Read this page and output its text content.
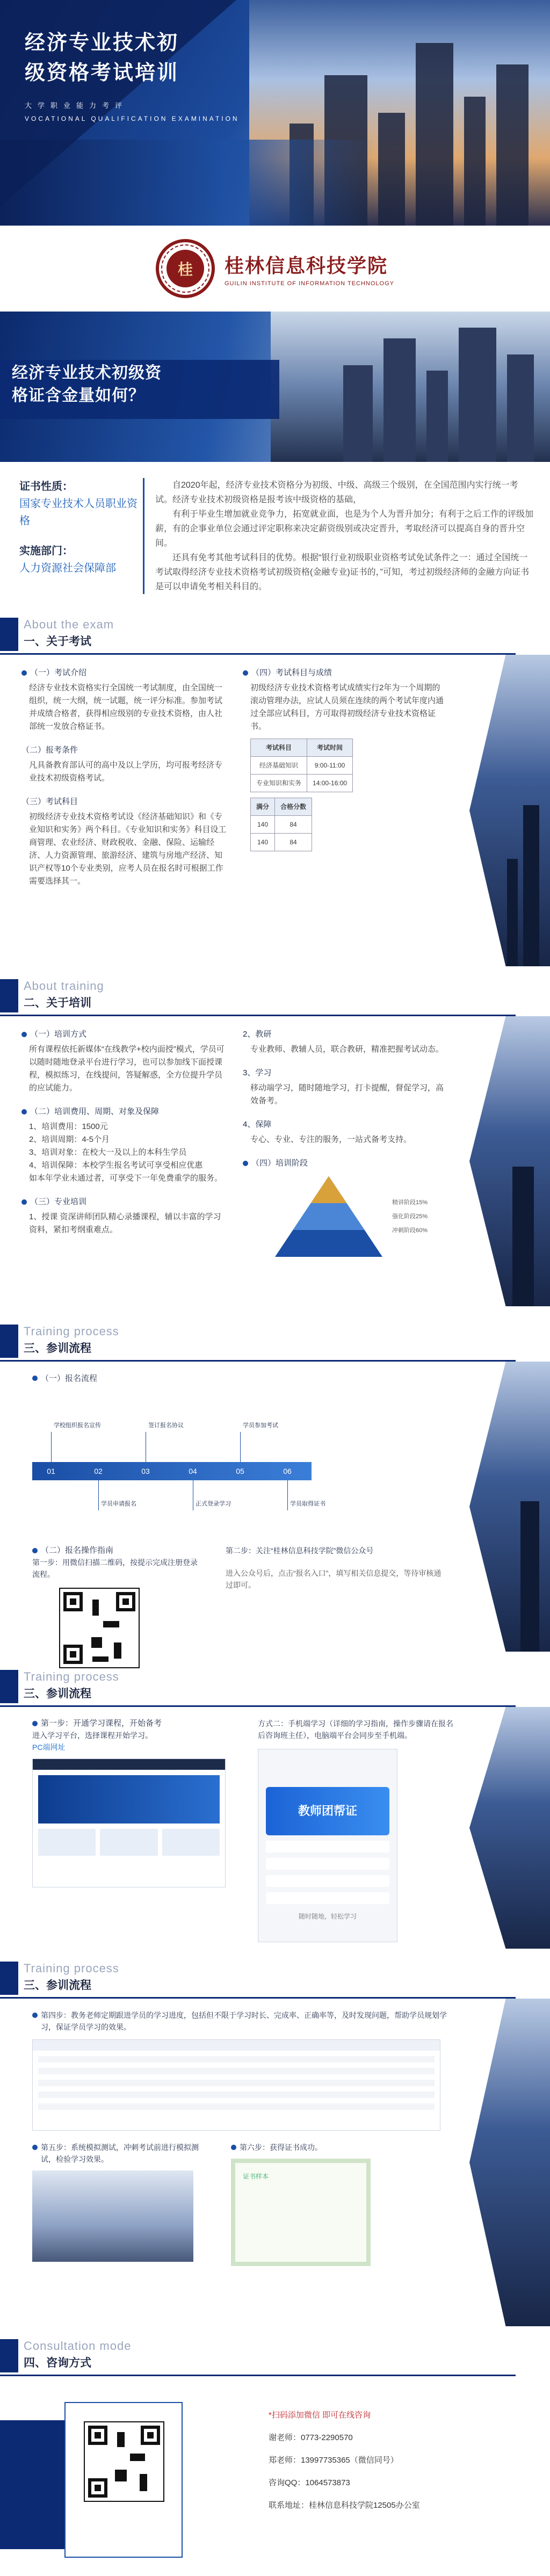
经济专业技术初
级资格考试培训
大学职业能力考评
VOCATIONAL QUALIFICATION EXAMINATION
桂	桂林信息科技学院
GUILIN INSTITUTE OF INFORMATION TECHNOLOGY
经济专业技术初级资
格证含金量如何？
证书性质：
国家专业技术人员职业资格
实施部门：
人力资源社会保障部

自2020年起，经济专业技术资格分为初级、中级、高级三个级别，在全国范围内实行统一考试。经济专业技术初级资格是报考该中级资格的基础，

有利于毕业生增加就业竞争力，拓宽就业面，也是为个人为晋升加分；有利于之后工作的评级加薪，有的企事业单位会通过评定职称来决定薪资级别或决定晋升，考取经济可以提高自身的晋升空间。

还具有免考其他考试科目的优势。根据“银行业初级职业资格考试免试条件之一：通过全国统一考试取得经济专业技术资格考试初级资格(金融专业)证书的，”可知，考过初级经济师的金融方向证书是可以申请免考相关科目的。

About the exam
一、关于考试
（一）考试介绍

经济专业技术资格实行全国统一考试制度，由全国统一组织，统一大纲，统一试题，统一评分标准。参加考试并成绩合格者，获得相应级别的专业技术资格，由人社部统一发放合格证书。

（二）报考条件

凡具备教育部认可的高中及以上学历，均可报考经济专业技术初级资格考试。

（三）考试科目

初级经济专业技术资格考试设《经济基础知识》和《专业知识和实务》两个科目。《专业知识和实务》科目设工商管理、农业经济、财政税收、金融、保险、运输经济、人力资源管理、旅游经济、建筑与房地产经济、知识产权等10个专业类别，应考人员在报名时可根据工作需要选择其一。

（四）考试科目与成绩

初级经济专业技术资格考试成绩实行2年为一个周期的滚动管理办法，应试人员须在连续的两个考试年度内通过全部应试科目，方可取得初级经济专业技术资格证书。

考试科目	考试时间
经济基础知识	9:00-11:00
专业知识和实务	14:00-16:00
满分	合格分数
140	84
140	84
About training
二、关于培训
（一）培训方式

所有课程依托新媒体“在线教学+校内面授”模式，学员可以随时随地登录平台进行学习，也可以参加线下面授课程，模拟练习，在线提问，答疑解惑，全方位提升学员的应试能力。

（二）培训费用、周期、对象及保障

1、培训费用：1500元

2、培训周期：4-5个月

3、培训对象：在校大一及以上的本科生学员

4、培训保障：本校学生报名考试可享受相应优惠

如本年学业未通过者，可享受下一年免费重学的服务。

（三）专业培训

1、授课 资深讲师团队精心录播课程，辅以丰富的学习资料，紧扣考纲重难点。

2、教研

专业教师、教辅人员，联合教研，精准把握考试动态。

3、学习

移动端学习，随时随地学习，打卡提醒，督促学习，高效备考。

4、保障

专心、专业、专注的服务，一站式备考支持。

（四）培训阶段
精讲阶段15%
强化阶段25%
冲刺阶段60%
Training process
三、参训流程
（一）报名流程
01	02	03	04	05	06
学校组织报名宣传	签订报名协议	学员参加考试
学员申请报名	正式登录学习	学员取得证书
（二）报名操作指南

第一步：用微信扫描二维码，按提示完成注册登录流程。

第二步：关注“桂林信息科技学院”微信公众号

进入公众号后，点击“报名入口”，填写相关信息提交，等待审核通过即可。

Training process
三、参训流程
第一步：开通学习课程，开始备考

进入学习平台，选择课程开始学习。

PC端网址

方式二：手机端学习（详细的学习指南，操作步骤请在报名后咨询班主任），电脑端平台会同步至手机端。

教师团帮证

随时随地，轻松学习

Training process
三、参训流程
第四步：教务老师定期跟进学员的学习进度，包括但不限于学习时长、完成率、正确率等，及时发现问题，帮助学员规划学习，保证学员学习的效果。
第五步：系统模拟测试，冲刺考试前进行模拟测试，检验学习效果。
第六步：获得证书成功。
证书样本
Consultation mode
四、咨询方式
*扫码添加微信 即可在线咨询
谢老师：0773-2290570
郑老师：13997735365（微信同号）
咨询QQ：1064573873
联系地址：桂林信息科技学院12505办公室
